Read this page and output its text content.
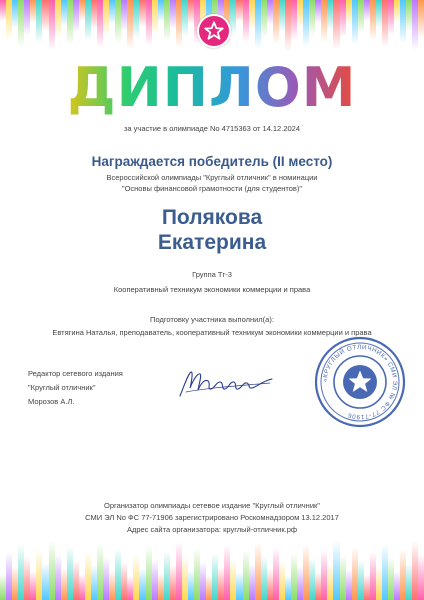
ДИПЛОМ
за участие в олимпиаде No 4715363 от 14.12.2024
Награждается победитель (II место)
Всероссийской олимпиады "Круглый отличник" в номинации
"Основы финансовой грамотности (для студентов)"
Полякова
Екатерина
Группа Тг-3
Кооперативный техникум экономики коммерции и права
Подготовку участника выполнил(а):
Евтягина Наталья, преподаватель, кооперативный техникум экономики коммерции и права
Редактор сетевого издания
"Круглый отличник"
Морозов А.Л.
«КРУГЛЫЙ ОТЛИЧНИК» СМИ ЭЛ № ФС 77-71906
Организатор олимпиады сетевое издание "Круглый отличник"
СМИ ЭЛ No ФС 77-71906 зарегистрировано Роскомнадзором 13.12.2017
Адрес сайта организатора: круглый-отличник.рф
